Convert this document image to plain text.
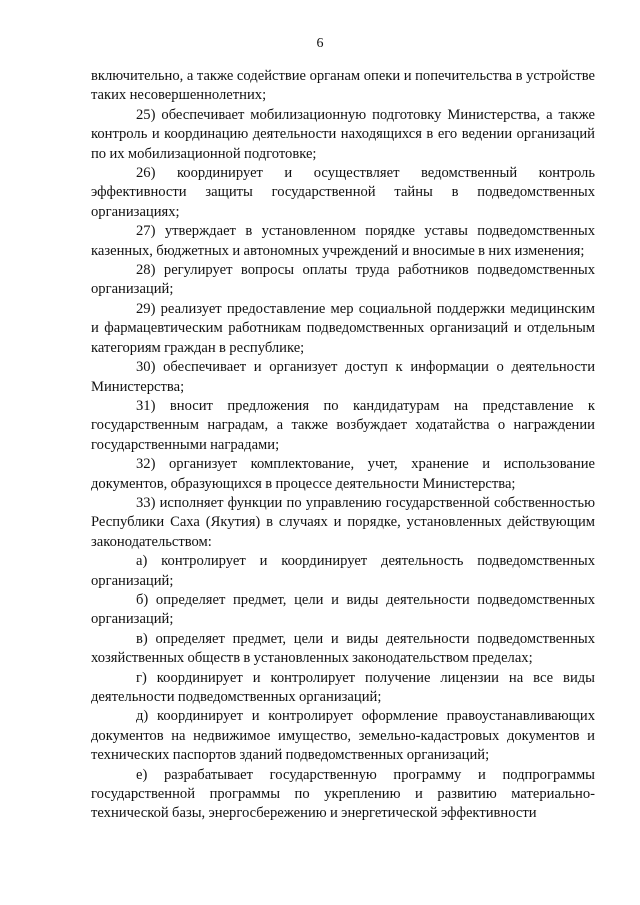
6

включительно, а также содействие органам опеки и попечительства в устройстве таких несовершеннолетних;

25) обеспечивает мобилизационную подготовку Министерства, а также контроль и координацию деятельности находящихся в его ведении организаций по их мобилизационной подготовке;

26) координирует и осуществляет ведомственный контроль эффективности защиты государственной тайны в подведомственных организациях;

27) утверждает в установленном порядке уставы подведомственных казенных, бюджетных и автономных учреждений и вносимые в них изменения;

28) регулирует вопросы оплаты труда работников подведомственных организаций;

29) реализует предоставление мер социальной поддержки медицинским и фармацевтическим работникам подведомственных организаций и отдельным категориям граждан в республике;

30) обеспечивает и организует доступ к информации о деятельности Министерства;

31) вносит предложения по кандидатурам на представление к государственным наградам, а также возбуждает ходатайства о награждении государственными наградами;

32) организует комплектование, учет, хранение и использование документов, образующихся в процессе деятельности Министерства;

33) исполняет функции по управлению государственной собственностью Республики Саха (Якутия) в случаях и порядке, установленных действующим законодательством:

а) контролирует и координирует деятельность подведомственных организаций;

б) определяет предмет, цели и виды деятельности подведомственных организаций;

в) определяет предмет, цели и виды деятельности подведомственных хозяйственных обществ в установленных законодательством пределах;

г) координирует и контролирует получение лицензии на все виды деятельности подведомственных организаций;

д) координирует и контролирует оформление правоустанавливающих документов на недвижимое имущество, земельно-кадастровых документов и технических паспортов зданий подведомственных организаций;

е) разрабатывает государственную программу и подпрограммы государственной программы по укреплению и развитию материально-технической базы, энергосбережению и энергетической эффективности
